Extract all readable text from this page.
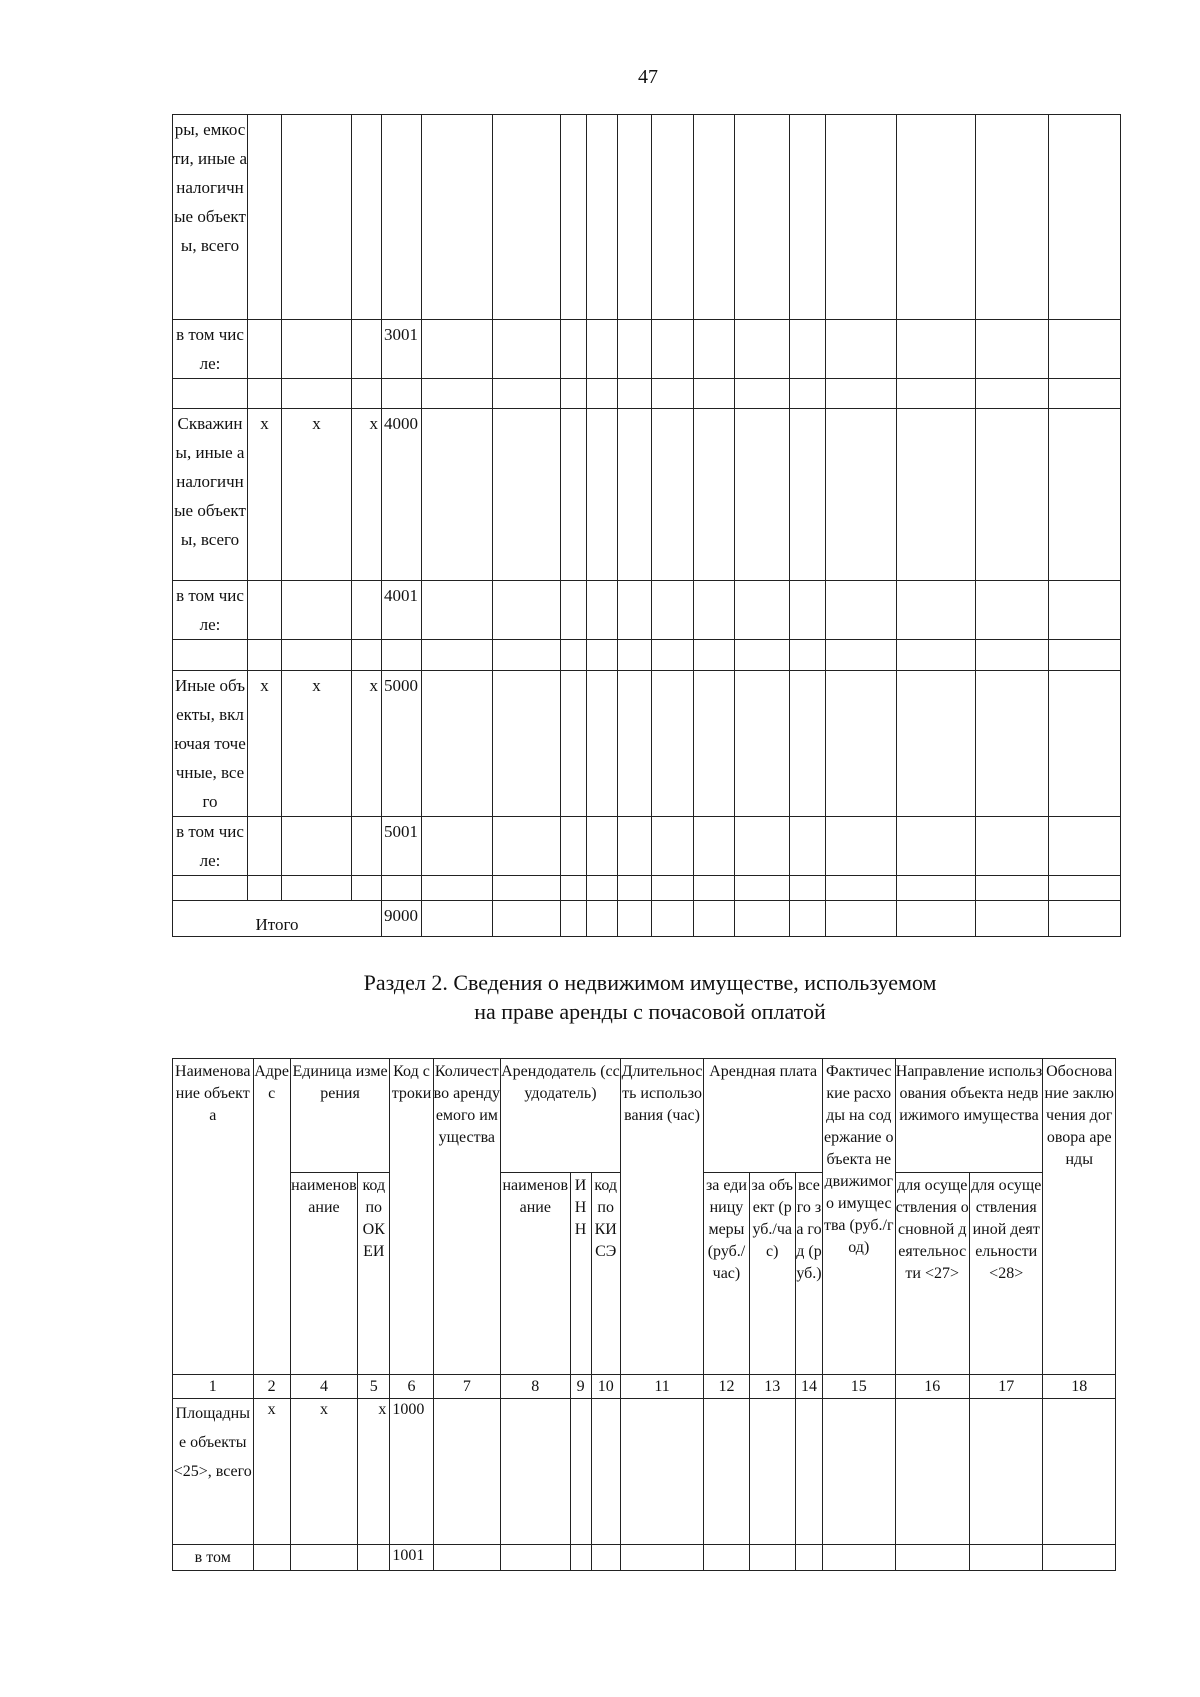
47
ры, емкости, иные аналогичные объекты, всего																	
в том числе:				3001													

Скважины, иные аналогичные объекты, всего	х	х	х	4000													
в том числе:				4001													

Иные объекты, включая точечные, всего	х	х	х	5000													
в том числе:				5001													

Итого				9000													
Раздел 2. Сведения о недвижимом имуществе, используемом
на праве аренды с почасовой оплатой
Наименование объекта	Адрес	Единица измерения		Код строки	Количество арендуемого имущества	Арендодатель (ссудодатель)			Длительность использования (час)	Арендная плата			Фактические расходы на содержание объекта недвижимого имущества (руб./год)	Направление использования объекта недвижимого имущества		Обоснование заключения договора аренды
		наименование	код по ОКЕИ			наименование	ИНН	код по КИСЭ		за единицу меры (руб./час)	за объект (руб./час)	всего за год (руб.)		для осуществления основной деятельности <27>	для осуществления иной деятельности <28>	
1	2	4	5	6	7	8	9	10	11	12	13	14	15	16	17	18
Площадные объекты <25>, всего	х	х	х	1000												
в том				1001												
